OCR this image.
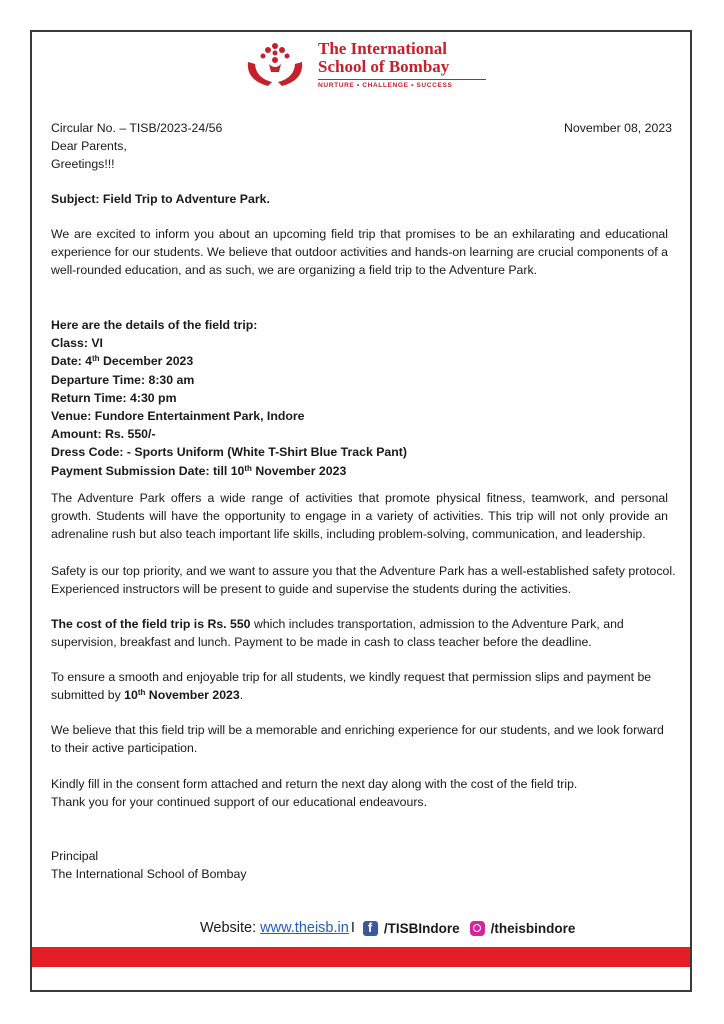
The International
School of Bombay
NURTURE • CHALLENGE • SUCCESS
Circular No. – TISB/2023-24/56	November 08, 2023
Dear Parents,
Greetings!!!
Subject: Field Trip to Adventure Park.
We are excited to inform you about an upcoming field trip that promises to be an exhilarating and educational experience for our students. We believe that outdoor activities and hands-on learning are crucial components of a well-rounded education, and as such, we are organizing a field trip to the Adventure Park.
Here are the details of the field trip:
Class: VI
Date: 4th December 2023
Departure Time: 8:30 am
Return Time: 4:30 pm
Venue: Fundore Entertainment Park, Indore
Amount: Rs. 550/-
Dress Code: - Sports Uniform (White T-Shirt Blue Track Pant)
Payment Submission Date: till 10th November 2023
The Adventure Park offers a wide range of activities that promote physical fitness, teamwork, and personal growth. Students will have the opportunity to engage in a variety of activities. This trip will not only provide an adrenaline rush but also teach important life skills, including problem-solving, communication, and leadership.
Safety is our top priority, and we want to assure you that the Adventure Park has a well-established safety protocol. Experienced instructors will be present to guide and supervise the students during the activities.
The cost of the field trip is Rs. 550 which includes transportation, admission to the Adventure Park, and supervision, breakfast and lunch. Payment to be made in cash to class teacher before the deadline.
To ensure a smooth and enjoyable trip for all students, we kindly request that permission slips and payment be submitted by 10th November 2023.
We believe that this field trip will be a memorable and enriching experience for our students, and we look forward to their active participation.
Kindly fill in the consent form attached and return the next day along with the cost of the field trip.
Thank you for your continued support of our educational endeavours.
Principal
The International School of Bombay
Website: www.theisb.in I
f /TISBIndore /theisbindore
